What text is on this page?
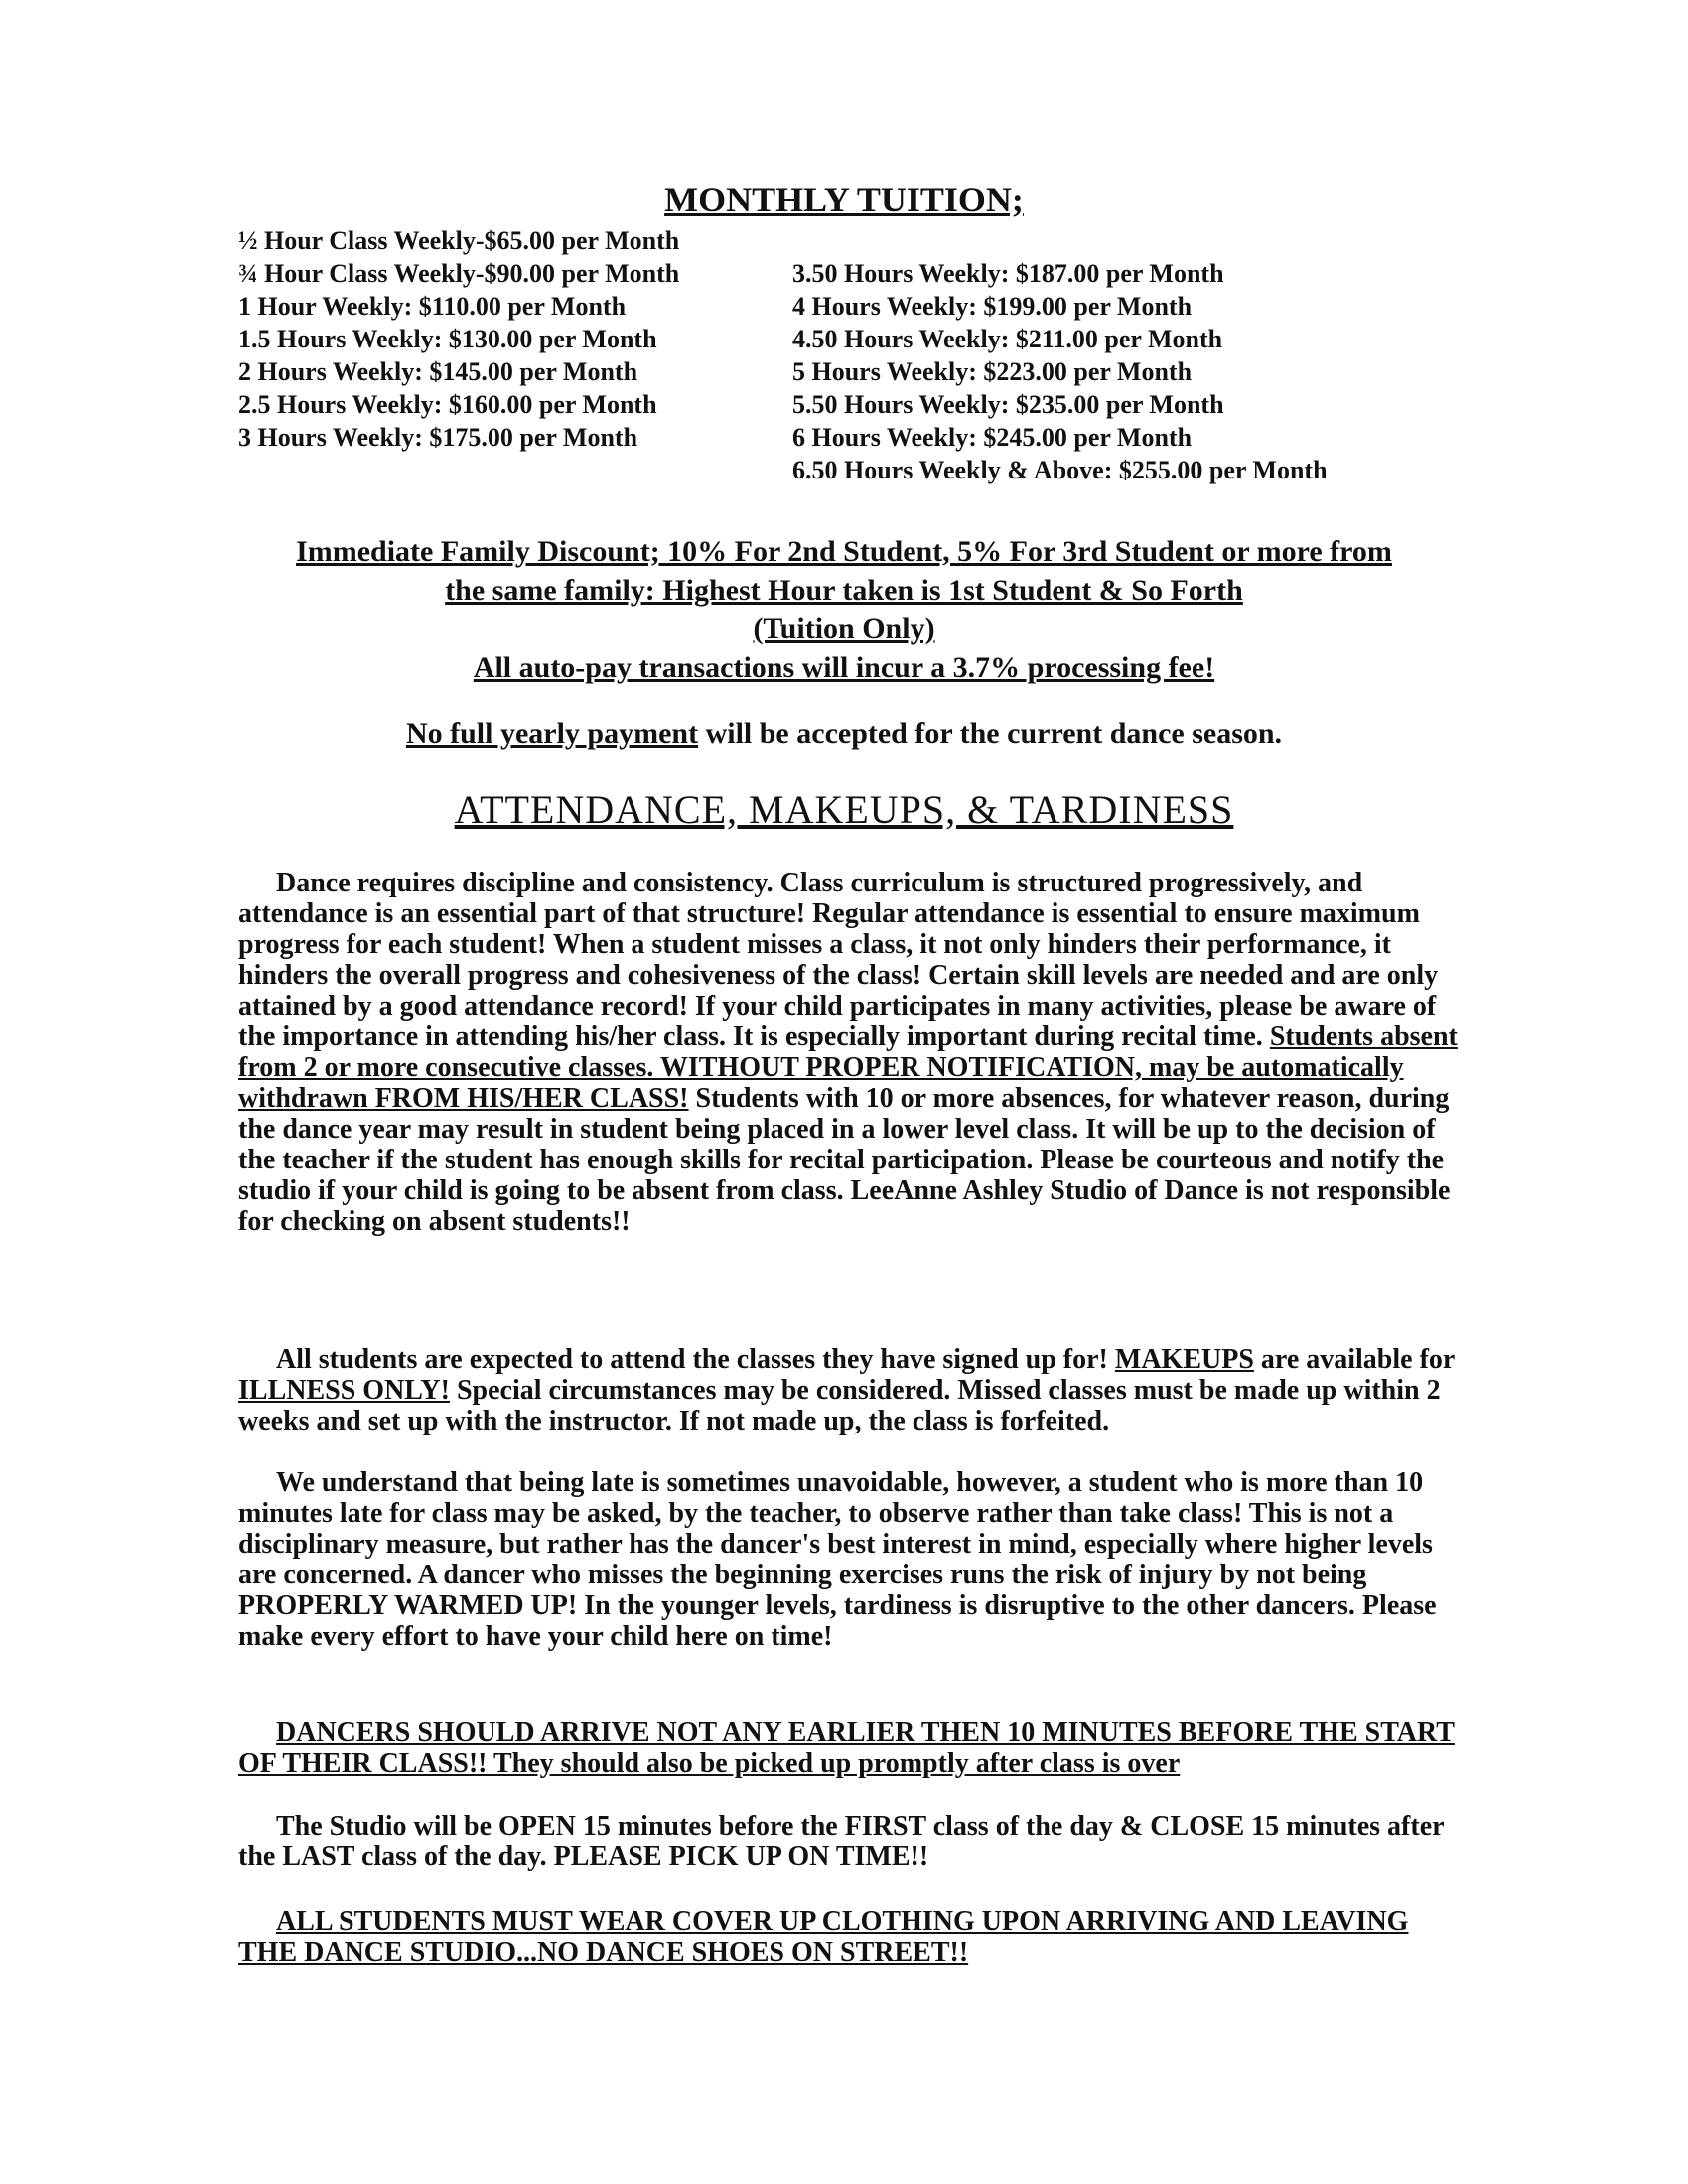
MONTHLY TUITION;
½ Hour Class Weekly-$65.00 per Month
¾ Hour Class Weekly-$90.00 per Month
1 Hour Weekly: $110.00 per Month
1.5 Hours Weekly: $130.00 per Month
2 Hours Weekly: $145.00 per Month
2.5 Hours Weekly: $160.00 per Month
3 Hours Weekly: $175.00 per Month
3.50 Hours Weekly: $187.00 per Month
4 Hours Weekly: $199.00 per Month
4.50 Hours Weekly: $211.00 per Month
5 Hours Weekly: $223.00 per Month
5.50 Hours Weekly: $235.00 per Month
6 Hours Weekly: $245.00 per Month
6.50 Hours Weekly & Above: $255.00 per Month
Immediate Family Discount; 10% For 2nd Student, 5% For 3rd Student or more from
the same family: Highest Hour taken is 1st Student & So Forth
(Tuition Only)
All auto-pay transactions will incur a 3.7% processing fee!
No full yearly payment will be accepted for the current dance season.
ATTENDANCE, MAKEUPS, & TARDINESS

Dance requires discipline and consistency. Class curriculum is structured progressively, and attendance is an essential part of that structure! Regular attendance is essential to ensure maximum progress for each student! When a student misses a class, it not only hinders their performance, it hinders the overall progress and cohesiveness of the class! Certain skill levels are needed and are only attained by a good attendance record! If your child participates in many activities, please be aware of the importance in attending his/her class. It is especially important during recital time. Students absent from 2 or more consecutive classes. WITHOUT PROPER NOTIFICATION, may be automatically withdrawn FROM HIS/HER CLASS! Students with 10 or more absences, for whatever reason, during the dance year may result in student being placed in a lower level class. It will be up to the decision of the teacher if the student has enough skills for recital participation. Please be courteous and notify the studio if your child is going to be absent from class. LeeAnne Ashley Studio of Dance is not responsible for checking on absent students!!

All students are expected to attend the classes they have signed up for! MAKEUPS are available for ILLNESS ONLY! Special circumstances may be considered. Missed classes must be made up within 2 weeks and set up with the instructor. If not made up, the class is forfeited.

We understand that being late is sometimes unavoidable, however, a student who is more than 10 minutes late for class may be asked, by the teacher, to observe rather than take class! This is not a disciplinary measure, but rather has the dancer's best interest in mind, especially where higher levels are concerned. A dancer who misses the beginning exercises runs the risk of injury by not being PROPERLY WARMED UP! In the younger levels, tardiness is disruptive to the other dancers. Please make every effort to have your child here on time!

DANCERS SHOULD ARRIVE NOT ANY EARLIER THEN 10 MINUTES BEFORE THE START OF THEIR CLASS!! They should also be picked up promptly after class is over

The Studio will be OPEN 15 minutes before the FIRST class of the day & CLOSE 15 minutes after the LAST class of the day. PLEASE PICK UP ON TIME!!

ALL STUDENTS MUST WEAR COVER UP CLOTHING UPON ARRIVING AND LEAVING THE DANCE STUDIO...NO DANCE SHOES ON STREET!!
